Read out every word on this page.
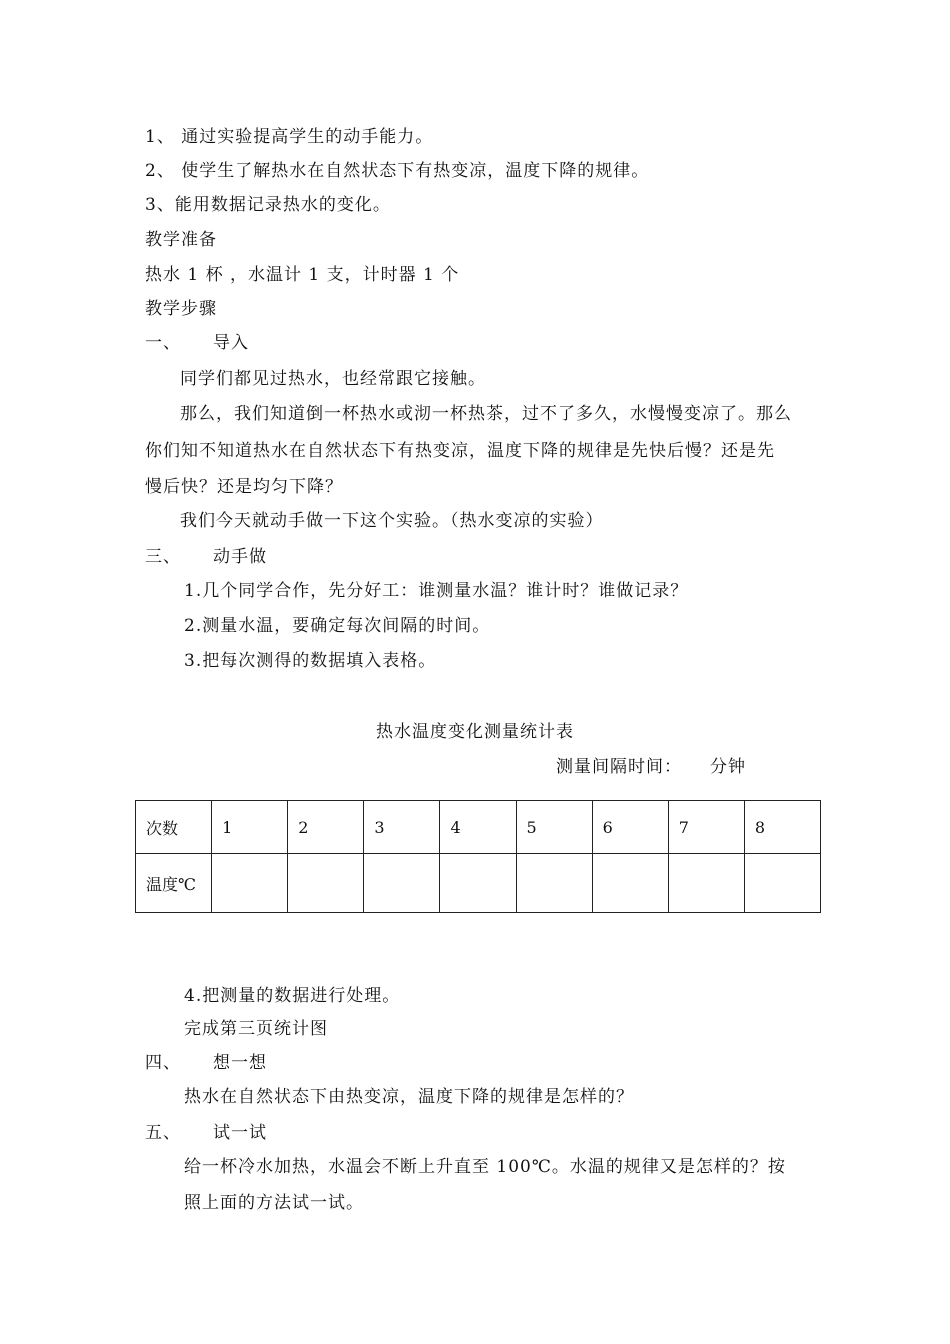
1、 通过实验提高学生的动手能力。
2、 使学生了解热水在自然状态下有热变凉，温度下降的规律。
3、能用数据记录热水的变化。
教学准备
热水 1 杯 ，水温计 1 支，计时器 1 个
教学步骤
一、 导入
同学们都见过热水，也经常跟它接触。
那么，我们知道倒一杯热水或沏一杯热茶，过不了多久，水慢慢变凉了。那么
你们知不知道热水在自然状态下有热变凉，温度下降的规律是先快后慢？还是先
慢后快？还是均匀下降？
我们今天就动手做一下这个实验。（热水变凉的实验）
三、 动手做
1.几个同学合作，先分好工：谁测量水温？谁计时？谁做记录？
2.测量水温，要确定每次间隔的时间。
3.把每次测得的数据填入表格。
热水温度变化测量统计表
测量间隔时间： 分钟
次数	1	2	3	4	5	6	7	8
温度℃								
4.把测量的数据进行处理。
完成第三页统计图
四、 想一想
热水在自然状态下由热变凉，温度下降的规律是怎样的？
五、 试一试
给一杯冷水加热，水温会不断上升直至 100℃。水温的规律又是怎样的？按
照上面的方法试一试。
